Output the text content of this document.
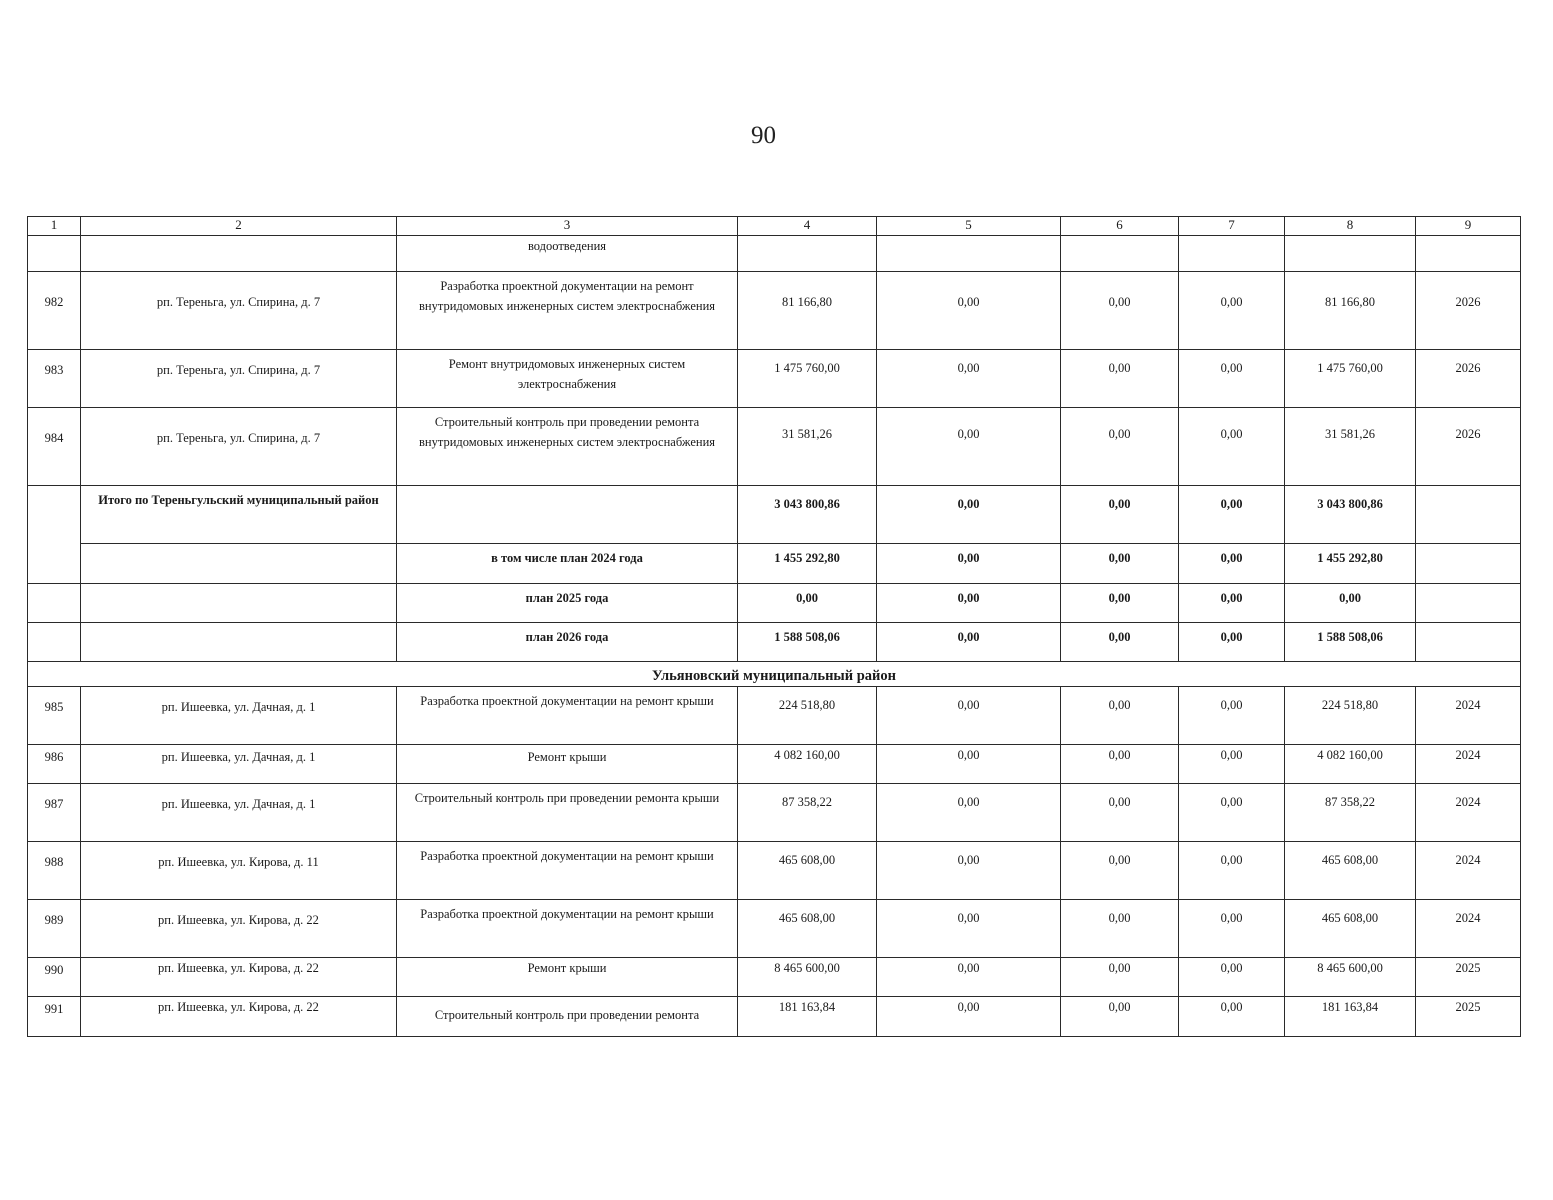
90
1	2	3	4	5	6	7	8	9
		водоотведения						
982	рп. Тереньга, ул. Спирина, д. 7	Разработка проектной документации на ремонт внутридомовых инженерных систем электроснабжения	81 166,80	0,00	0,00	0,00	81 166,80	2026
983	рп. Тереньга, ул. Спирина, д. 7	Ремонт внутридомовых инженерных систем электроснабжения	1 475 760,00	0,00	0,00	0,00	1 475 760,00	2026
984	рп. Тереньга, ул. Спирина, д. 7	Строительный контроль при проведении ремонта внутридомовых инженерных систем электроснабжения	31 581,26	0,00	0,00	0,00	31 581,26	2026
	Итого по Тереньгульский муниципальный район		3 043 800,86	0,00	0,00	0,00	3 043 800,86	
		в том числе план 2024 года	1 455 292,80	0,00	0,00	0,00	1 455 292,80	
		план 2025 года	0,00	0,00	0,00	0,00	0,00	
		план 2026 года	1 588 508,06	0,00	0,00	0,00	1 588 508,06	
Ульяновский муниципальный район								
985	рп. Ишеевка, ул. Дачная, д. 1	Разработка проектной документации на ремонт крыши	224 518,80	0,00	0,00	0,00	224 518,80	2024
986	рп. Ишеевка, ул. Дачная, д. 1	Ремонт крыши	4 082 160,00	0,00	0,00	0,00	4 082 160,00	2024
987	рп. Ишеевка, ул. Дачная, д. 1	Строительный контроль при проведении ремонта крыши	87 358,22	0,00	0,00	0,00	87 358,22	2024
988	рп. Ишеевка, ул. Кирова, д. 11	Разработка проектной документации на ремонт крыши	465 608,00	0,00	0,00	0,00	465 608,00	2024
989	рп. Ишеевка, ул. Кирова, д. 22	Разработка проектной документации на ремонт крыши	465 608,00	0,00	0,00	0,00	465 608,00	2024
990	рп. Ишеевка, ул. Кирова, д. 22	Ремонт крыши	8 465 600,00	0,00	0,00	0,00	8 465 600,00	2025
991	рп. Ишеевка, ул. Кирова, д. 22	Строительный контроль при проведении ремонта	181 163,84	0,00	0,00	0,00	181 163,84	2025
